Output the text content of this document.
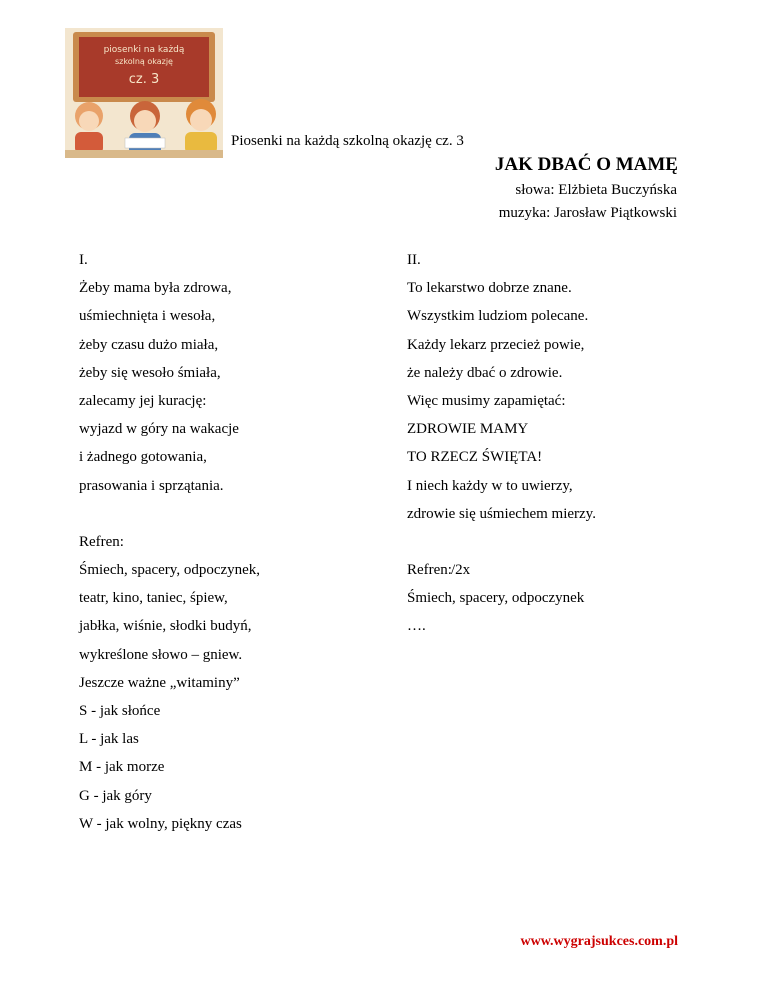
piosenki na każdą
szkolną okazję
cz. 3
Piosenki na każdą szkolną okazję cz. 3
JAK DBAĆ O MAMĘ
słowa: Elżbieta Buczyńska
muzyka: Jarosław Piątkowski
I.
Żeby mama była zdrowa,
uśmiechnięta i wesoła,
żeby czasu dużo miała,
żeby się wesoło śmiała,
zalecamy jej kurację:
wyjazd w góry na wakacje
i żadnego gotowania,
prasowania i sprzątania.
Refren:
Śmiech, spacery, odpoczynek,
teatr, kino, taniec, śpiew,
jabłka, wiśnie, słodki budyń,
wykreślone słowo – gniew.
Jeszcze ważne „witaminy”
S - jak słońce
L - jak las
M - jak morze
G - jak góry
W - jak wolny, piękny czas
II.
To lekarstwo dobrze znane.
Wszystkim ludziom polecane.
Każdy lekarz przecież powie,
że należy dbać o zdrowie.
Więc musimy zapamiętać:
ZDROWIE MAMY
TO RZECZ ŚWIĘTA!
I niech każdy w to uwierzy,
zdrowie się uśmiechem mierzy.
Refren:/2x
Śmiech, spacery, odpoczynek
….
www.wygrajsukces.com.pl
